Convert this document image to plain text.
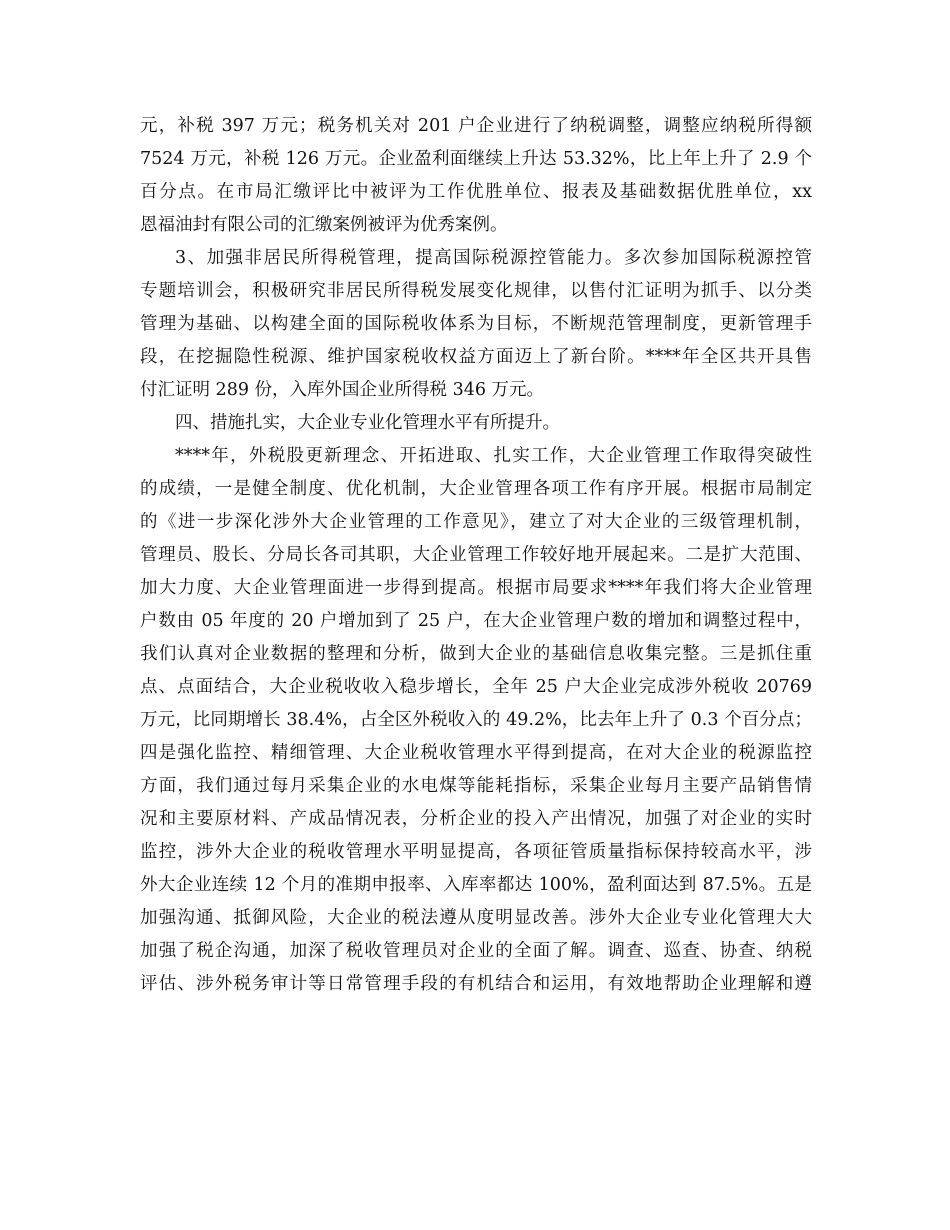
元，补税 397 万元；税务机关对 201 户企业进行了纳税调整，调整应纳税所得额
7524 万元，补税 126 万元。企业盈利面继续上升达 53.32%，比上年上升了 2.9 个
百分点。在市局汇缴评比中被评为工作优胜单位、报表及基础数据优胜单位，xx
恩福油封有限公司的汇缴案例被评为优秀案例。
3、加强非居民所得税管理，提高国际税源控管能力。多次参加国际税源控管
专题培训会，积极研究非居民所得税发展变化规律，以售付汇证明为抓手、以分类
管理为基础、以构建全面的国际税收体系为目标，不断规范管理制度，更新管理手
段，在挖掘隐性税源、维护国家税收权益方面迈上了新台阶。****年全区共开具售
付汇证明 289 份，入库外国企业所得税 346 万元。
四、措施扎实，大企业专业化管理水平有所提升。
****年，外税股更新理念、开拓进取、扎实工作，大企业管理工作取得突破性
的成绩，一是健全制度、优化机制，大企业管理各项工作有序开展。根据市局制定
的《进一步深化涉外大企业管理的工作意见》，建立了对大企业的三级管理机制，
管理员、股长、分局长各司其职，大企业管理工作较好地开展起来。二是扩大范围、
加大力度、大企业管理面进一步得到提高。根据市局要求****年我们将大企业管理
户数由 05 年度的 20 户增加到了 25 户，在大企业管理户数的增加和调整过程中，
我们认真对企业数据的整理和分析，做到大企业的基础信息收集完整。三是抓住重
点、点面结合，大企业税收收入稳步增长，全年 25 户大企业完成涉外税收 20769
万元，比同期增长 38.4%，占全区外税收入的 49.2%，比去年上升了 0.3 个百分点；
四是强化监控、精细管理、大企业税收管理水平得到提高，在对大企业的税源监控
方面，我们通过每月采集企业的水电煤等能耗指标，采集企业每月主要产品销售情
况和主要原材料、产成品情况表，分析企业的投入产出情况，加强了对企业的实时
监控，涉外大企业的税收管理水平明显提高，各项征管质量指标保持较高水平，涉
外大企业连续 12 个月的准期申报率、入库率都达 100%，盈利面达到 87.5%。五是
加强沟通、抵御风险，大企业的税法遵从度明显改善。涉外大企业专业化管理大大
加强了税企沟通，加深了税收管理员对企业的全面了解。调查、巡查、协查、纳税
评估、涉外税务审计等日常管理手段的有机结合和运用，有效地帮助企业理解和遵
